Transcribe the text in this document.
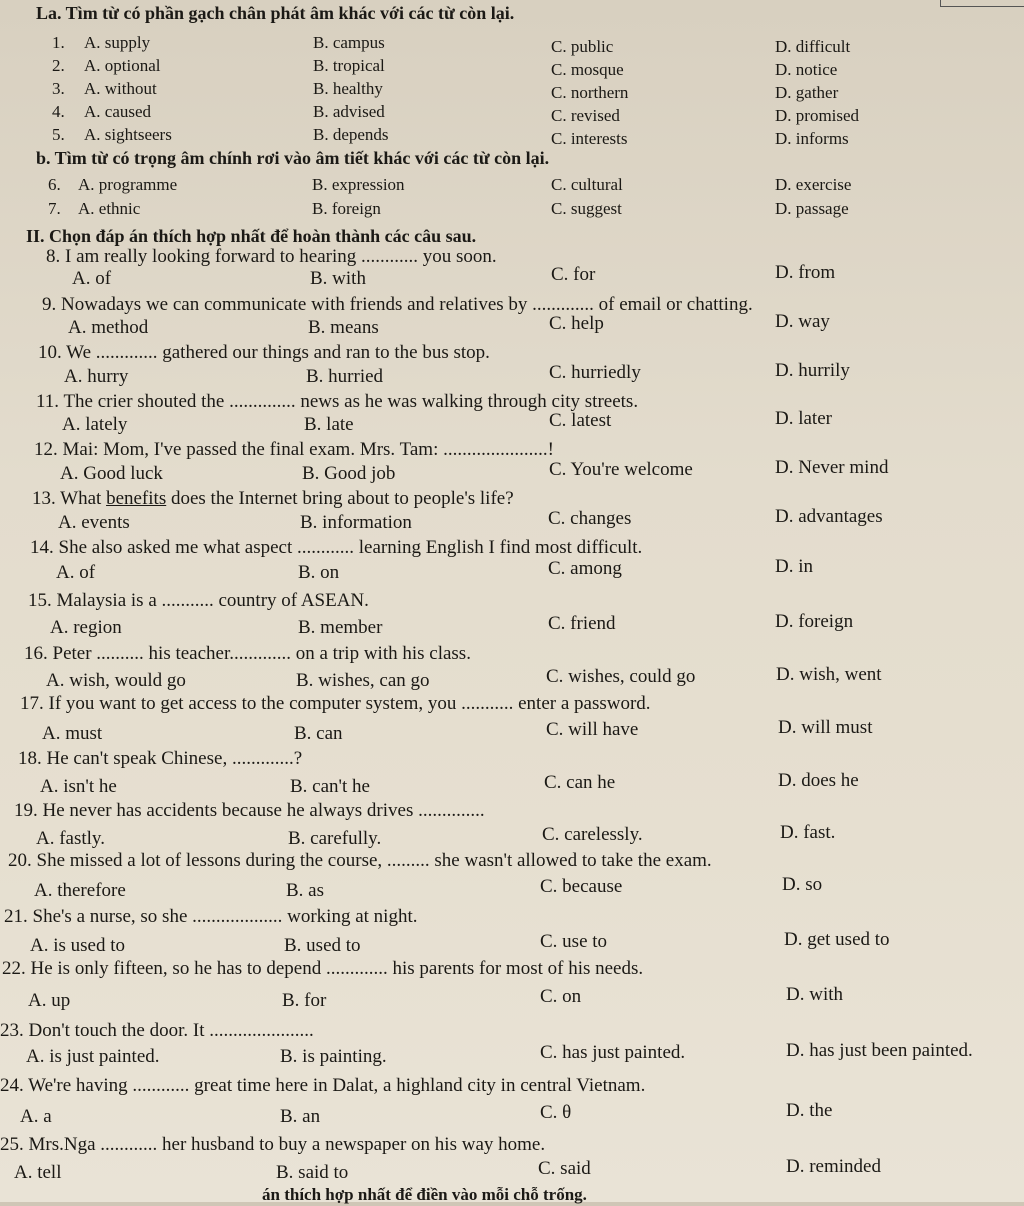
La. Tìm từ có phần gạch chân phát âm khác với các từ còn lại.
1. A. supply	B. campus	C. public	D. difficult
2. A. optional	B. tropical	C. mosque	D. notice
3. A. without	B. healthy	C. northern	D. gather
4. A. caused	B. advised	C. revised	D. promised
5. A. sightseers	B. depends	C. interests	D. informs
b. Tìm từ có trọng âm chính rơi vào âm tiết khác với các từ còn lại.
6. A. programme	B. expression	C. cultural	D. exercise
7. A. ethnic	B. foreign	C. suggest	D. passage
II. Chọn đáp án thích hợp nhất để hoàn thành các câu sau.
8. I am really looking forward to hearing ............ you soon.
A. of	B. with	C. for	D. from
9. Nowadays we can communicate with friends and relatives by ............. of email or chatting.
A. method	B. means	C. help	D. way
10. We ............. gathered our things and ran to the bus stop.
A. hurry	B. hurried	C. hurriedly	D. hurrily
11. The crier shouted the .............. news as he was walking through city streets.
A. lately	B. late	C. latest	D. later
12. Mai: Mom, I've passed the final exam. Mrs. Tam: ......................!
A. Good luck	B. Good job	C. You're welcome	D. Never mind
13. What benefits does the Internet bring about to people's life?
A. events	B. information	C. changes	D. advantages
14. She also asked me what aspect ............ learning English I find most difficult.
A. of	B. on	C. among	D. in
15. Malaysia is a ........... country of ASEAN.
A. region	B. member	C. friend	D. foreign
16. Peter .......... his teacher............. on a trip with his class.
A. wish, would go	B. wishes, can go	C. wishes, could go	D. wish, went
17. If you want to get access to the computer system, you ........... enter a password.
A. must	B. can	C. will have	D. will must
18. He can't speak Chinese, .............?
A. isn't he	B. can't he	C. can he	D. does he
19. He never has accidents because he always drives ..............
A. fastly.	B. carefully.	C. carelessly.	D. fast.
20. She missed a lot of lessons during the course, ......... she wasn't allowed to take the exam.
A. therefore	B. as	C. because	D. so
21. She's a nurse, so she ................... working at night.
A. is used to	B. used to	C. use to	D. get used to
22. He is only fifteen, so he has to depend ............. his parents for most of his needs.
A. up	B. for	C. on	D. with
23. Don't touch the door. It ......................
A. is just painted.	B. is painting.	C. has just painted.	D. has just been painted.
24. We're having ............ great time here in Dalat, a highland city in central Vietnam.
A. a	B. an	C. θ	D. the
25. Mrs.Nga ............ her husband to buy a newspaper on his way home.
A. tell	B. said to	C. said	D. reminded
án thích hợp nhất để điền vào mỗi chỗ trống.
